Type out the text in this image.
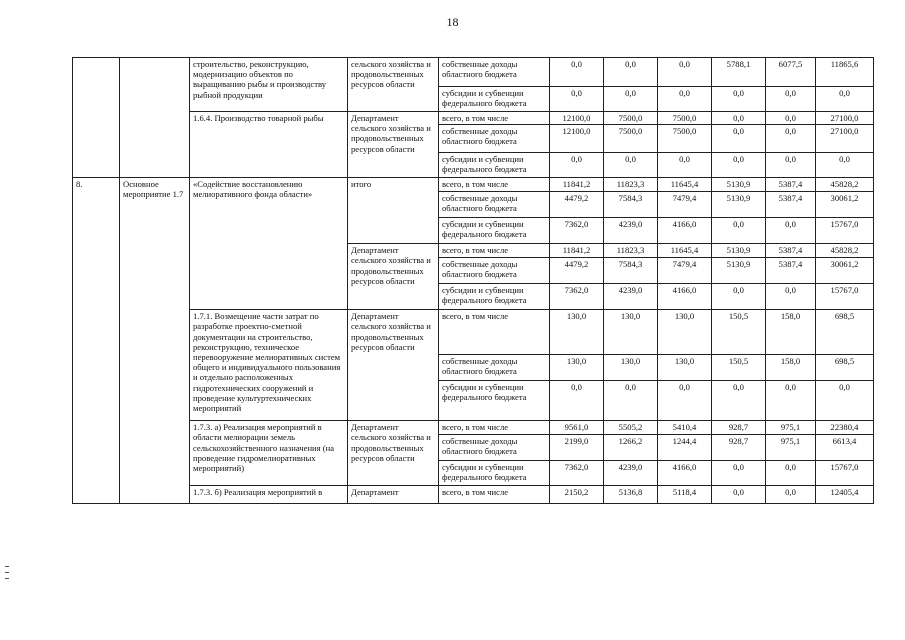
18
		строительство, реконструкцию, модернизацию объектов по выращиванию рыбы и производству рыбной продукции	сельского хозяйства и продовольственных ресурсов области	собственные доходы областного бюджета	0,0	0,0	0,0	5788,1	6077,5	11865,6
				субсидии и субвенции федерального бюджета	0,0	0,0	0,0	0,0	0,0	0,0
		1.6.4. Производство товарной рыбы	Департамент сельского хозяйства и продовольственных ресурсов области	всего, в том числе	12100,0	7500,0	7500,0	0,0	0,0	27100,0
				собственные доходы областного бюджета	12100,0	7500,0	7500,0	0,0	0,0	27100,0
				субсидии и субвенции федерального бюджета	0,0	0,0	0,0	0,0	0,0	0,0
8.	Основное мероприятие 1.7	«Содействие восстановлению мелиоративного фонда области»	итого	всего, в том числе	11841,2	11823,3	11645,4	5130,9	5387,4	45828,2
				собственные доходы областного бюджета	4479,2	7584,3	7479,4	5130,9	5387,4	30061,2
				субсидии и субвенции федерального бюджета	7362,0	4239,0	4166,0	0,0	0,0	15767,0
			Департамент сельского хозяйства и продовольственных ресурсов области	всего, в том числе	11841,2	11823,3	11645,4	5130,9	5387,4	45828,2
				собственные доходы областного бюджета	4479,2	7584,3	7479,4	5130,9	5387,4	30061,2
				субсидии и субвенции федерального бюджета	7362,0	4239,0	4166,0	0,0	0,0	15767,0
		1.7.1. Возмещение части затрат по разработке проектно-сметной документации на строительство, реконструкцию, техническое перевооружение мелиоративных систем общего и индивидуального пользования и отдельно расположенных гидротехнических сооружений и проведение культуртехнических мероприятий	Департамент сельского хозяйства и продовольственных ресурсов области	всего, в том числе	130,0	130,0	130,0	150,5	158,0	698,5
				собственные доходы областного бюджета	130,0	130,0	130,0	150,5	158,0	698,5
				субсидии и субвенции федерального бюджета	0,0	0,0	0,0	0,0	0,0	0,0
		1.7.3. а) Реализация мероприятий в области мелиорации земель сельскохозяйственного назначения (на проведение гидромелиоративных мероприятий)	Департамент сельского хозяйства и продовольственных ресурсов области	всего, в том числе	9561,0	5505,2	5410,4	928,7	975,1	22380,4
				собственные доходы областного бюджета	2199,0	1266,2	1244,4	928,7	975,1	6613,4
				субсидии и субвенции федерального бюджета	7362,0	4239,0	4166,0	0,0	0,0	15767,0
		1.7.3. б) Реализация мероприятий в	Департамент	всего, в том числе	2150,2	5136,8	5118,4	0,0	0,0	12405,4
